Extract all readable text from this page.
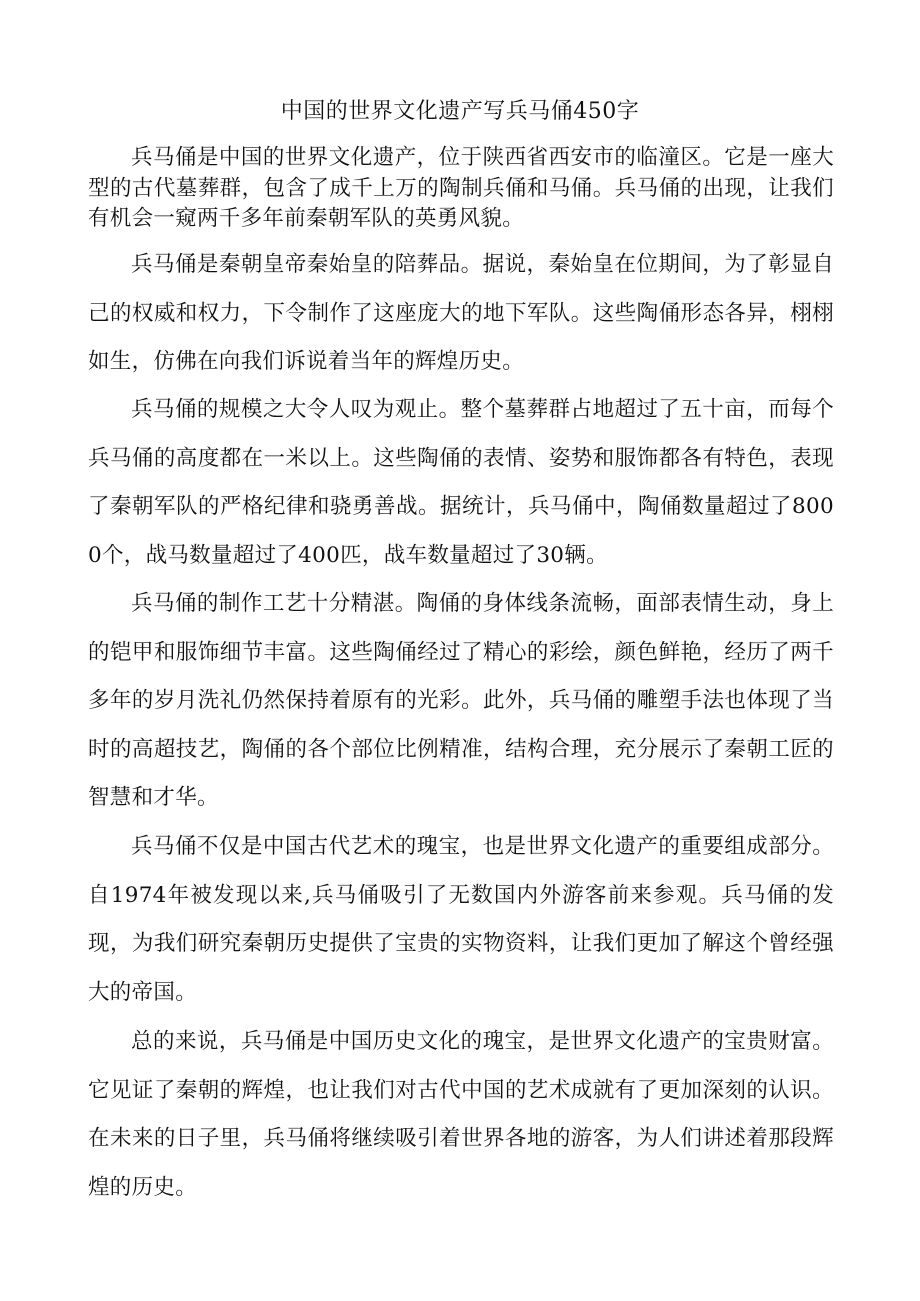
中国的世界文化遗产写兵马俑450字

兵马俑是中国的世界文化遗产，位于陕西省西安市的临潼区。它是一座大型的古代墓葬群，包含了成千上万的陶制兵俑和马俑。兵马俑的出现，让我们有机会一窥两千多年前秦朝军队的英勇风貌。

兵马俑是秦朝皇帝秦始皇的陪葬品。据说，秦始皇在位期间，为了彰显自己的权威和权力，下令制作了这座庞大的地下军队。这些陶俑形态各异，栩栩如生，仿佛在向我们诉说着当年的辉煌历史。

兵马俑的规模之大令人叹为观止。整个墓葬群占地超过了五十亩，而每个兵马俑的高度都在一米以上。这些陶俑的表情、姿势和服饰都各有特色，表现了秦朝军队的严格纪律和骁勇善战。据统计，兵马俑中，陶俑数量超过了8000个，战马数量超过了400匹，战车数量超过了30辆。

兵马俑的制作工艺十分精湛。陶俑的身体线条流畅，面部表情生动，身上的铠甲和服饰细节丰富。这些陶俑经过了精心的彩绘，颜色鲜艳，经历了两千多年的岁月洗礼仍然保持着原有的光彩。此外，兵马俑的雕塑手法也体现了当时的高超技艺，陶俑的各个部位比例精准，结构合理，充分展示了秦朝工匠的智慧和才华。

兵马俑不仅是中国古代艺术的瑰宝，也是世界文化遗产的重要组成部分。自1974年被发现以来,兵马俑吸引了无数国内外游客前来参观。兵马俑的发现，为我们研究秦朝历史提供了宝贵的实物资料，让我们更加了解这个曾经强大的帝国。

总的来说，兵马俑是中国历史文化的瑰宝，是世界文化遗产的宝贵财富。它见证了秦朝的辉煌，也让我们对古代中国的艺术成就有了更加深刻的认识。在未来的日子里，兵马俑将继续吸引着世界各地的游客，为人们讲述着那段辉煌的历史。
